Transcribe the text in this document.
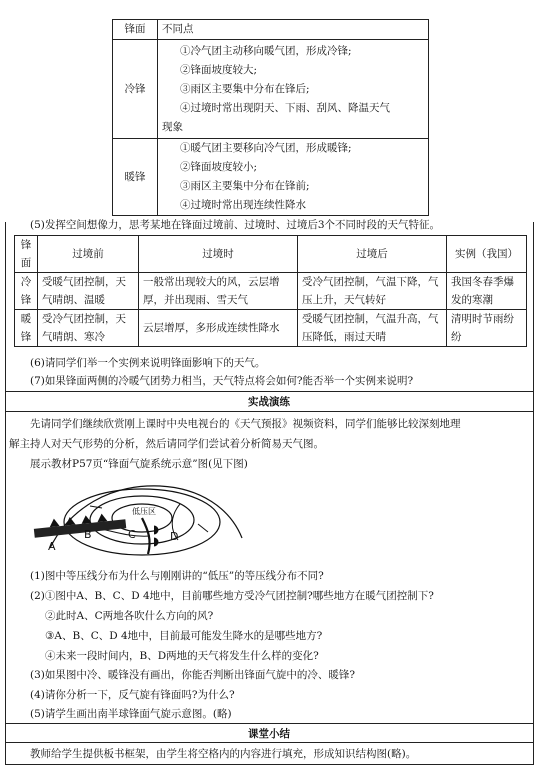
锋面	不同点
冷锋	①冷气团主动移向暖气团，形成冷锋;
②锋面坡度较大;
③雨区主要集中分布在锋后;
④过境时常出现阴天、下雨、刮风、降温天气
现象

暖锋	①暖气团主要移向冷气团，形成暖锋;
②锋面坡度较小;
③雨区主要集中分布在锋前;
④过境时常出现连续性降水
(5)发挥空间想像力，思考某地在锋面过境前、过境时、过境后3个不同时段的天气特征。
锋面	过境前	过境时	过境后	实例（我国）
冷锋	受暖气团控制，天气晴朗、温暖	一般常出现较大的风，云层增厚，并出现雨、雪天气	受冷气团控制，气温下降，气压上升，天气转好	我国冬春季爆发的寒潮
暖锋	受冷气团控制，天气晴朗、寒冷	云层增厚，多形成连续性降水	受暖气团控制，气温升高，气压降低，雨过天晴	清明时节雨纷纷
(6)请同学们举一个实例来说明锋面影响下的天气。
(7)如果锋面两侧的冷暖气团势力相当，天气特点将会如何?能否举一个实例来说明?
实战演练
先请同学们继续欣赏刚上课时中央电视台的《天气预报》视频资料，同学们能够比较深刻地理
解主持人对天气形势的分析，然后请同学们尝试着分析简易天气图。
展示教材P57页“锋面气旋系统示意”图(见下图)
低压区
A
B	C	D
(1)图中等压线分布为什么与刚刚讲的“低压”的等压线分布不同?
(2)①图中A、B、C、D 4地中，目前哪些地方受冷气团控制?哪些地方在暖气团控制下?
②此时A、C两地各吹什么方向的风?
③A、B、C、D 4地中，目前最可能发生降水的是哪些地方?
④未来一段时间内，B、D两地的天气将发生什么样的变化?
(3)如果图中冷、暖锋没有画出，你能否判断出锋面气旋中的冷、暖锋?
(4)请你分析一下，反气旋有锋面吗?为什么?
(5)请学生画出南半球锋面气旋示意图。(略)
课堂小结
教师给学生提供板书框架，由学生将空格内的内容进行填充，形成知识结构图(略)。
